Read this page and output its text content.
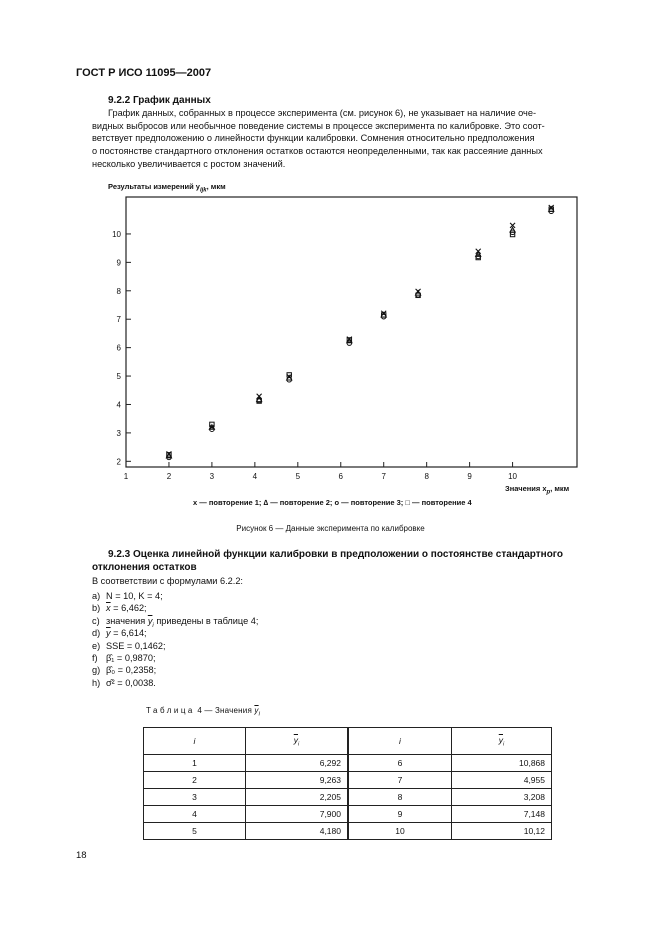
ГОСТ Р ИСО 11095—2007
9.2.2 График данных
График данных, собранных в процессе эксперимента (см. рисунок 6), не указывает на наличие оче-
видных выбросов или необычное поведение системы в процессе эксперимента по калибровке. Это соот-
ветствует предположению о линейности функции калибровки. Сомнения относительно предположения
о постоянстве стандартного отклонения остатков остаются неопределенными, так как рассеяние данных
несколько увеличивается с ростом значений.
Результаты измерений $y_{ijk}$, мкм
2
3
4
5
6
7
8
9
10
1	2	3	4	5	6	7	8	9	10
Значения $x_p$, мкм
x — повторение 1; ∆ — повторение 2; o — повторение 3; □ — повторение 4
Рисунок 6 — Данные эксперимента по калибровке
9.2.3 Оценка линейной функции калибровки в предположении о постоянстве стандартного
отклонения остатков
В соответствии с формулами 6.2.2:
a) N = 10, K = 4;
b) $\overline{x} = 6,462$;
c) значения $\overline{y}_i$ приведены в таблице 4;
d) $\overline{y} = 6,614$;
e) SSE = 0,1462;
f) β̂₁ = 0,9870;
g) β̂₀ = 0,2358;
h) σ̂² = 0,0038.
Таблица 4 — Значения $\overline{y}_i$
i	$\overline{y}_i$	i	$\overline{y}_i$
1	6,292	6	10,868
2	9,263	7	4,955
3	2,205	8	3,208
4	7,900	9	7,148
5	4,180	10	10,12
18
